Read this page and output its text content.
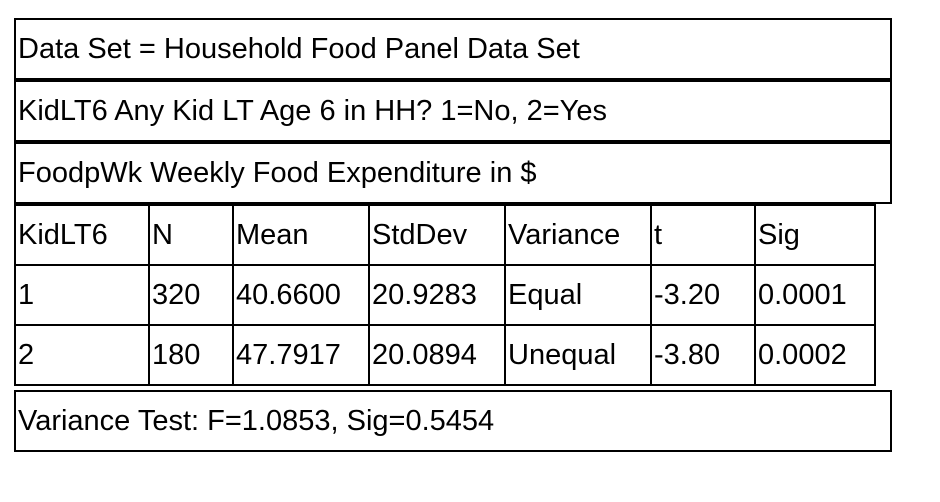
Data Set = Household Food Panel Data Set
KidLT6 Any Kid LT Age 6 in HH? 1=No, 2=Yes
FoodpWk Weekly Food Expenditure in $
KidLT6	N	Mean	StdDev	Variance	t	Sig
1	320	40.6600	20.9283	Equal	-3.20	0.0001
2	180	47.7917	20.0894	Unequal	-3.80	0.0002
Variance Test: F=1.0853, Sig=0.5454
